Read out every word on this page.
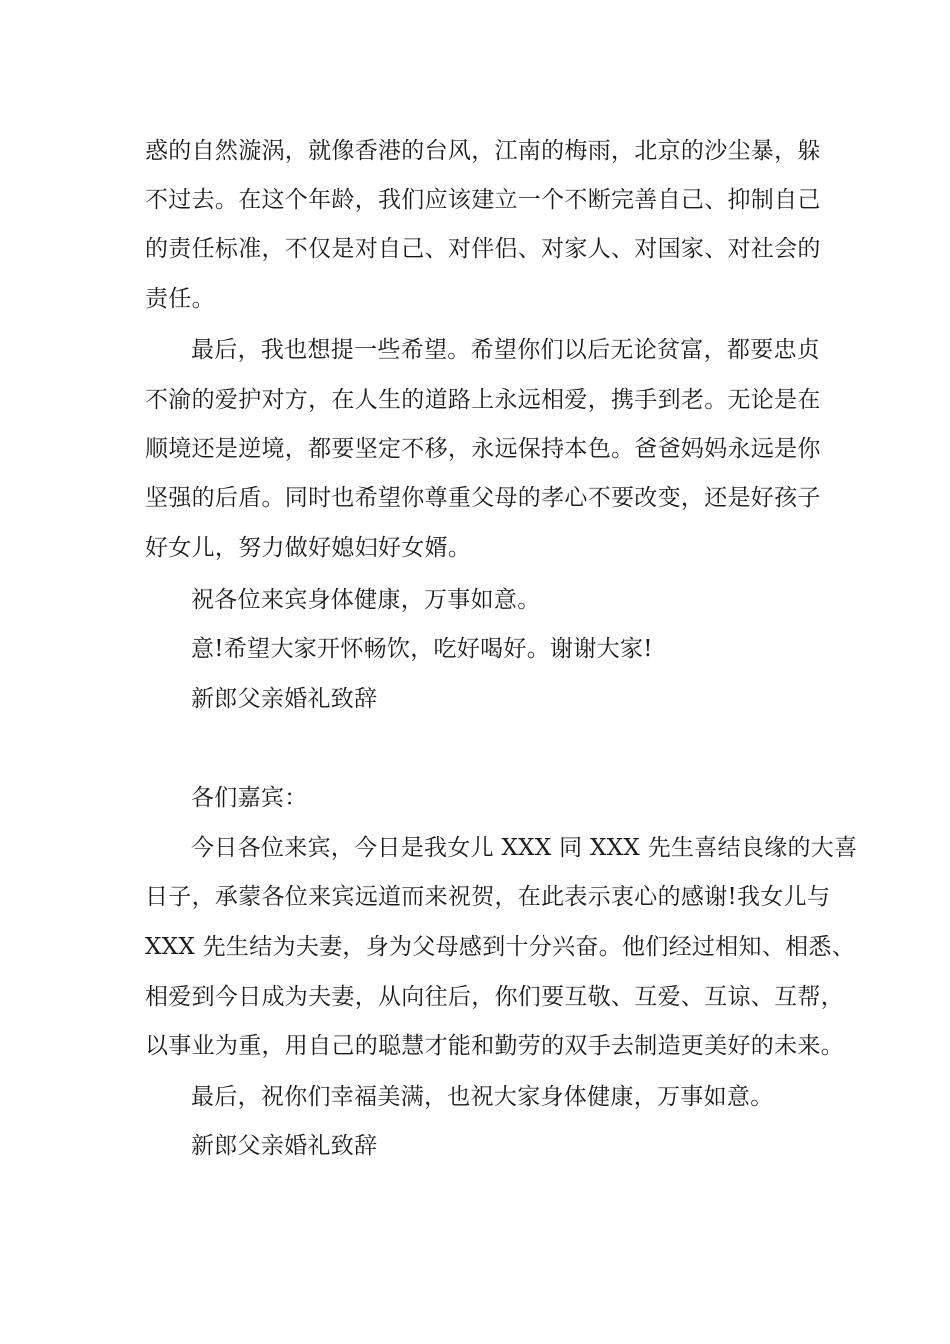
惑的自然漩涡，就像香港的台风，江南的梅雨，北京的沙尘暴，躲
不过去。在这个年龄，我们应该建立一个不断完善自己、抑制自己
的责任标准，不仅是对自己、对伴侣、对家人、对国家、对社会的
责任。
最后，我也想提一些希望。希望你们以后无论贫富，都要忠贞
不渝的爱护对方，在人生的道路上永远相爱，携手到老。无论是在
顺境还是逆境，都要坚定不移，永远保持本色。爸爸妈妈永远是你
坚强的后盾。同时也希望你尊重父母的孝心不要改变，还是好孩子
好女儿，努力做好媳妇好女婿。
祝各位来宾身体健康，万事如意。
意!希望大家开怀畅饮，吃好喝好。谢谢大家!
新郎父亲婚礼致辞
各们嘉宾：
今日各位来宾，今日是我女儿 XXX 同 XXX 先生喜结良缘的大喜
日子，承蒙各位来宾远道而来祝贺，在此表示衷心的感谢!我女儿与
XXX 先生结为夫妻，身为父母感到十分兴奋。他们经过相知、相悉、
相爱到今日成为夫妻，从向往后，你们要互敬、互爱、互谅、互帮，
以事业为重，用自己的聪慧才能和勤劳的双手去制造更美好的未来。
最后，祝你们幸福美满，也祝大家身体健康，万事如意。
新郎父亲婚礼致辞
